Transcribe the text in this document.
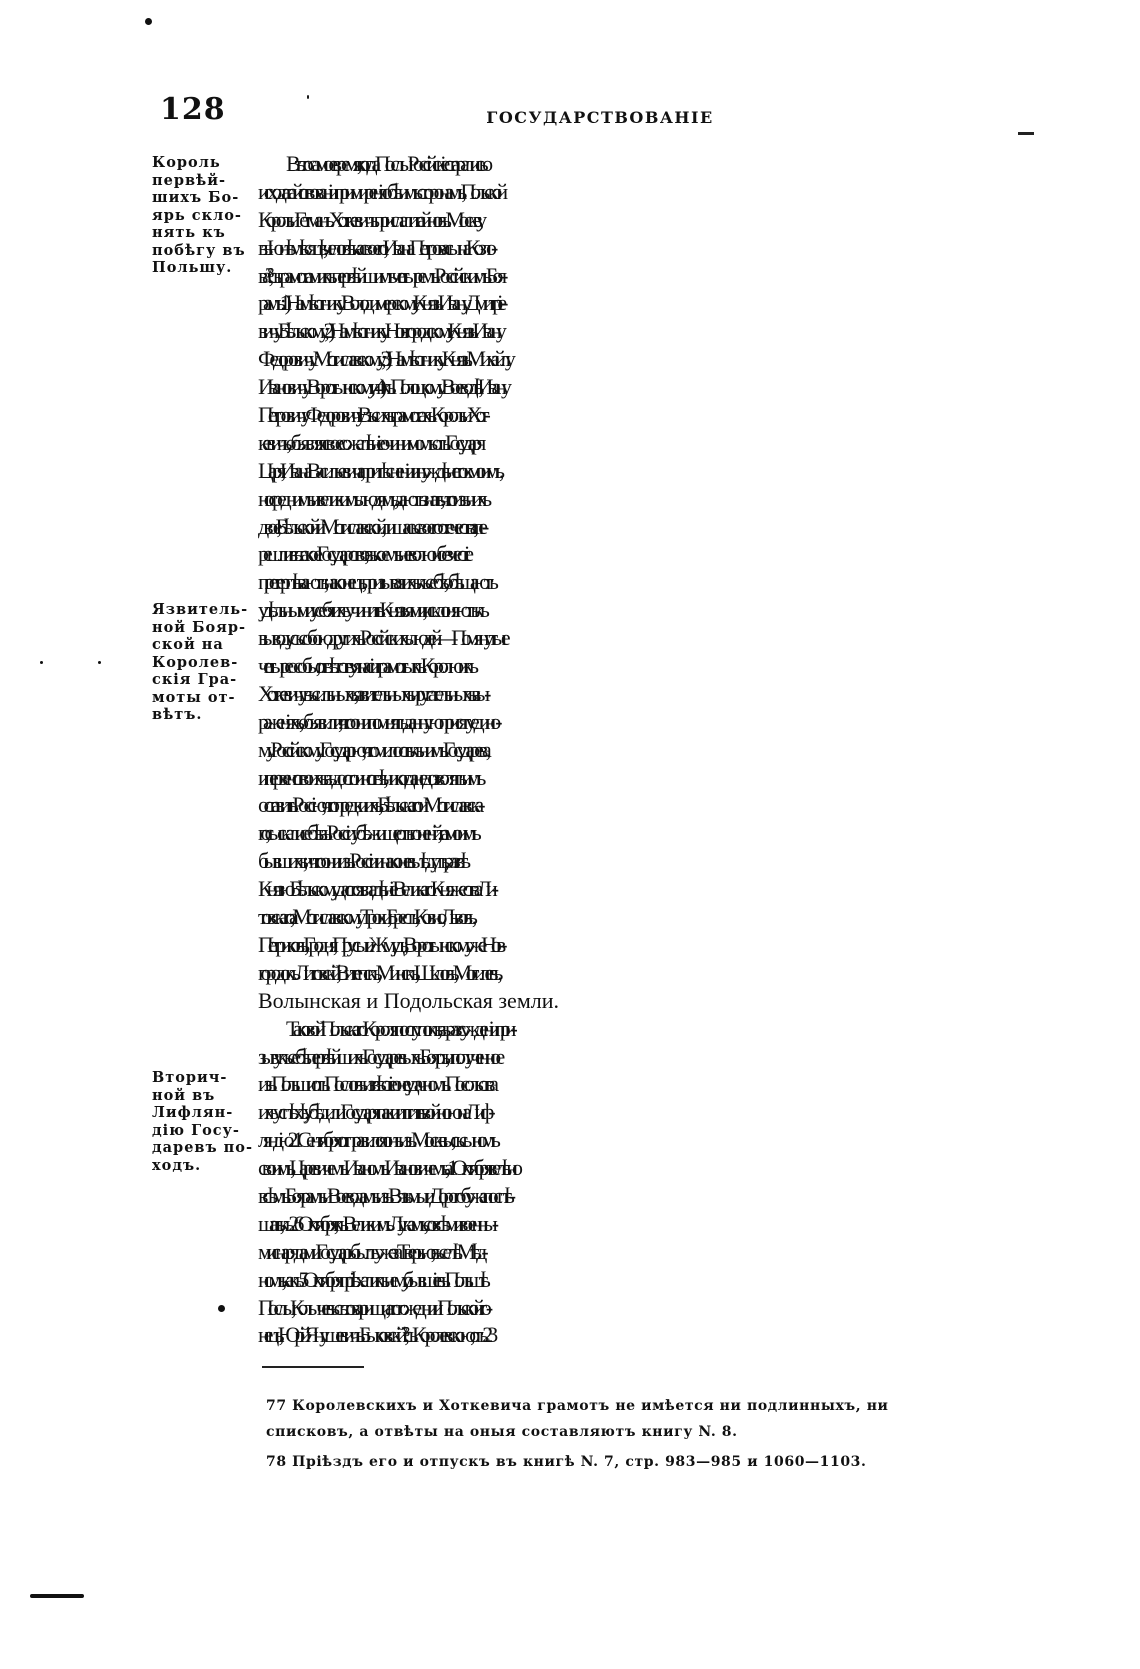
128	ГОСУДАРСТВОВАНІЕ
Король
первѣй-
шихъ Бо-
ярь скло-
нять къ
побѣгу въ
Польшу.
Язвитель-
ной Бояр-
ской на
Королев-
скія Гра-
моты от-
вѣтъ.
Вторич-
ной въ
Лифлян-
дію Госу-
даревъ по-
ходъ.
Въ то самое время, когда Послы Россійскіе старались о
исходатайствованіи примиренія обѣимъ сторонамъ, Польской
Король и Гетманъ Хоткевичъ прислали тайно въ Москву,
въ Іюнѣ мѣсяцѣ, человѣка своего, Ивана Петрова сына Козло-
ва ⁷⁸, съ грамотами къ первѣйшимъ четыремъ Россійскимъ Боя-
рамъ: 1) Намѣстнику Володимерскому, Князь Ивану Дмитріе-
вичу Бѣльскому; 2) Намѣстнику Новгородскому, Князь Ивану
Федоровичу Мстиславскому; 3) Намѣстнику Князь Михайлу
Ивановичу Воротынскому, и 4) къ Полоцкому Воеводѣ, Ивану
Петровичу Федоровичу. Въ сихъ грамотахъ Король и Хот-
кевичъ, объявляя свое сожалѣніе о чинимомъ отъ Государя
Царя, Ивана Васильевича, притѣсненіи и нуждѣ не токмо имъ,
но среднимъ и великимъ людямъ, даютъ знать, что изъ нихъ
двое, Бѣльской и Мстиславской, лишась своего отечества, пе-
решли въ такое Государство, въ коемъ неволю и безчестіе
претерпѣваютъ; наконецъ, призывая ихъ къ себѣ, обѣщаютъ
удѣльными у себя ихъ учинить Князьями, и склоняютъ къ
выводу съ собою другихъ Россійскихъ людей. — Помянутые
четыре особы, отвѣтствуя на сіи грамоты къ Королю и къ
Хоткевичу въ сильныхъ, язвительныхъ и ругательныхъ вы-
раженіяхъ, объявили, что они помнятъ данную присягу едино-
му Россійскому Государю; что милость къ нимъ Государева,
и первенство ихъ въ достоинствѣ, никогда не дозволятъ имъ
оставить Россію, что предки ихъ, Бѣльскаго и Мстиславска-
го, сыскали себѣ въ Россіи убѣжище отъ гоненій, тамо имъ
бывшихъ; и что они изъ Россіи инако не выѣдутъ, развѣ
Князю Бѣльскому дастся владѣніе Великаго Княжества Ли-
товскаго, а Мстиславскому Троки, Брестъ, Ковно, Львовъ,
Петриковъ, Гродня, Прусы и Жмудь; Воротынскому же Нов-
городокъ Литовскій, Витепскъ, Минскъ, Шкловъ, Могилевъ,
Волынская и Подольская земли.
Таковой Польскаго Короля поступокъ, въ разсужденіи при-
зыву къ себѣ первѣйшихъ Государевыхъ Бояръ, и полученное
изъ Польши отъ Пословъ извѣстіе о неудачномъ Посольства
ихъ успѣхѣ, убѣдили Государя паки иттить войною на Лиф-
ляндію. 21 Сентября отправился онъ изъ Москвы, съ сыномъ
своимъ, Царевичемъ Иваномъ Ивановичемъ, а 1 Октября велѣно
всѣмъ Боярамъ и Воеводамъ изъ Вязьмы и Дорогобужа поспѣ-
шать, къ 26 Октября, къ Великимъ Лукамъ, со всѣми военны-
ми снарядами. Государь былъ уже за Тверью, въ селѣ Мѣд-
номъ, какъ 5 Октября пріѣхали къ нему, бывшіе въ Польшѣ
Послы, Колычевъ съ товарищи, а того же дни и Польской го-
нецъ, Юрій Янушевичъ Быковскій ⁷⁸, съ Королевскою, отъ 23
77 Королевскихъ и Хоткевича грамотъ не имѣется ни подлинныхъ, ни
списковъ, а отвѣты на оныя составляютъ книгу N. 8.
78 Пріѣздъ его и отпускъ въ книгѣ N. 7, стр. 983—985 и 1060—1103.
